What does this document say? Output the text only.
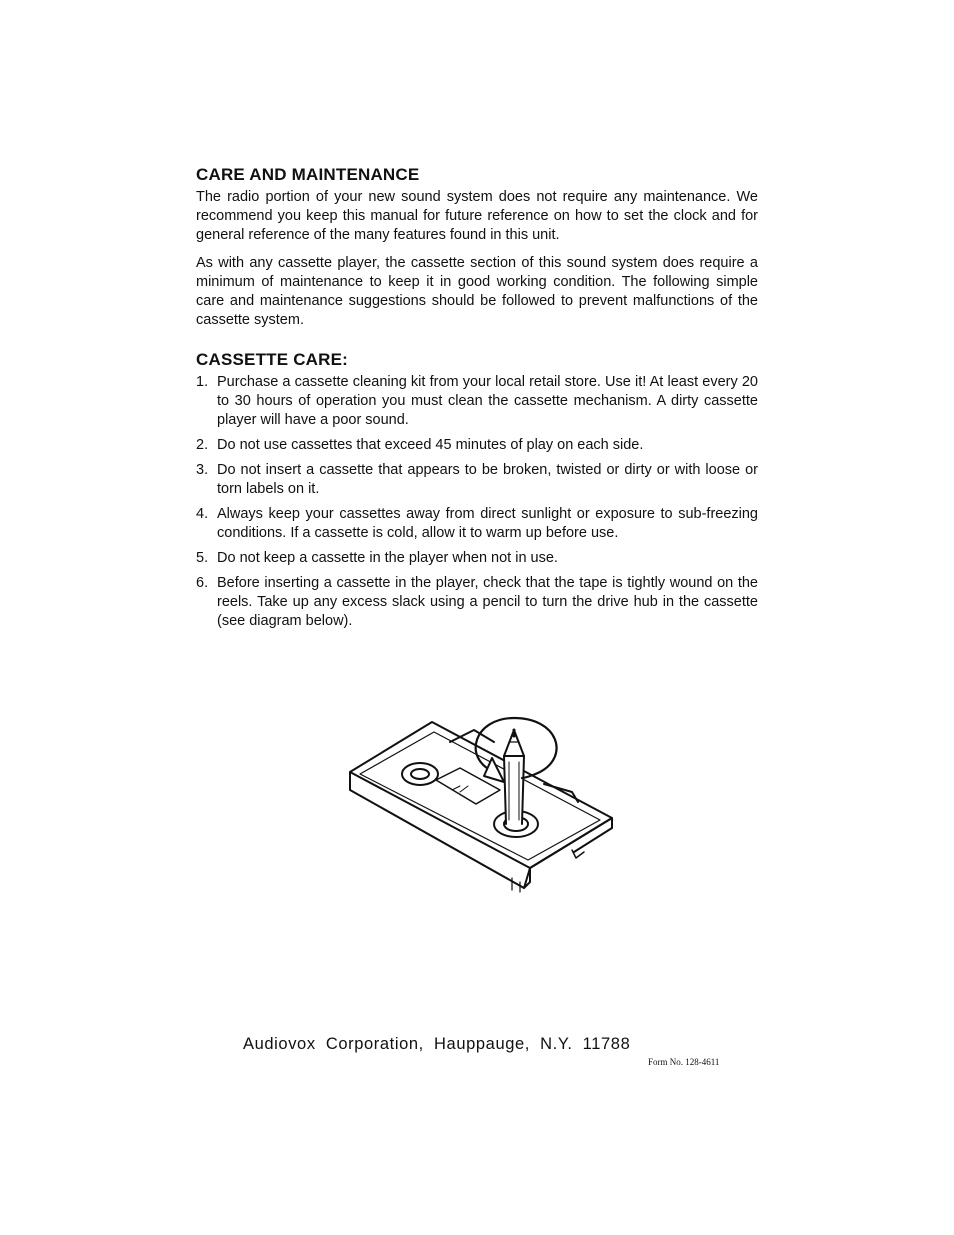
CARE AND MAINTENANCE

The radio portion of your new sound system does not require any maintenance. We recommend you keep this manual for future reference on how to set the clock and for general reference of the many features found in this unit.

As with any cassette player, the cassette section of this sound system does require a minimum of maintenance to keep it in good working condition. The following simple care and maintenance suggestions should be followed to prevent malfunctions of the cassette system.

CASSETTE CARE:
1. Purchase a cassette cleaning kit from your local retail store. Use it! At least every 20 to 30 hours of operation you must clean the cassette mechanism. A dirty cassette player will have a poor sound.
2. Do not use cassettes that exceed 45 minutes of play on each side.
3. Do not insert a cassette that appears to be broken, twisted or dirty or with loose or torn labels on it.
4. Always keep your cassettes away from direct sunlight or exposure to sub-freezing conditions. If a cassette is cold, allow it to warm up before use.
5. Do not keep a cassette in the player when not in use.
6. Before inserting a cassette in the player, check that the tape is tightly wound on the reels. Take up any excess slack using a pencil to turn the drive hub in the cassette (see diagram below).
Audiovox Corporation, Hauppauge, N.Y. 11788
Form No. 128-4611
